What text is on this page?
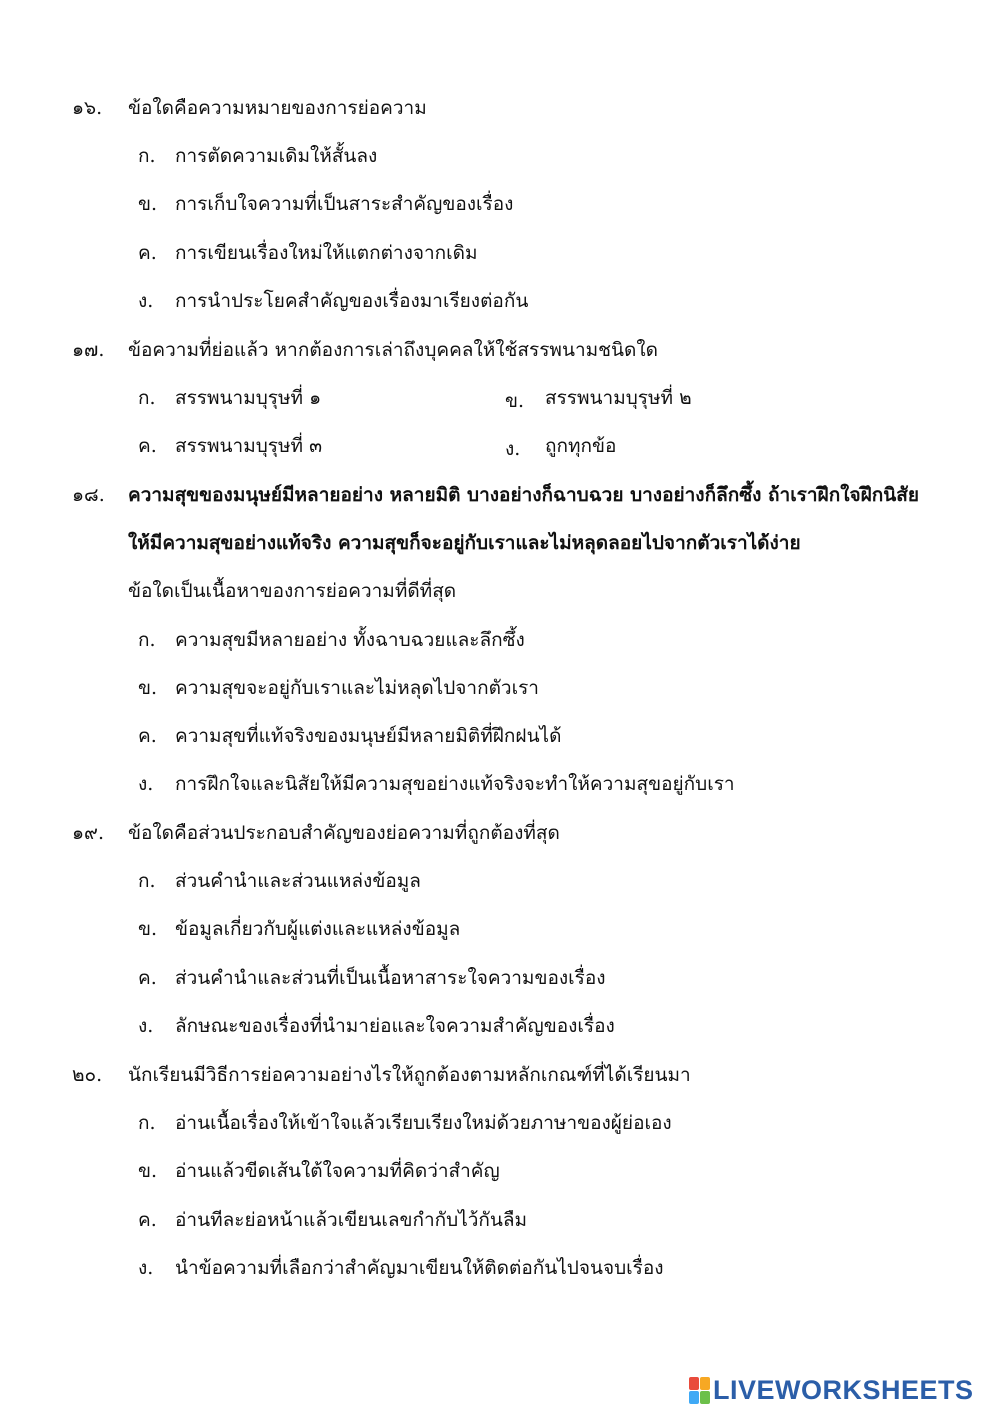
๑๖. ข้อใดคือความหมายของการย่อความ
ก. การตัดความเดิมให้สั้นลง
ข. การเก็บใจความที่เป็นสาระสำคัญของเรื่อง
ค. การเขียนเรื่องใหม่ให้แตกต่างจากเดิม
ง. การนำประโยคสำคัญของเรื่องมาเรียงต่อกัน
๑๗. ข้อความที่ย่อแล้ว หากต้องการเล่าถึงบุคคลให้ใช้สรรพนามชนิดใด
ก. สรรพนามบุรุษที่ ๑	ข. สรรพนามบุรุษที่ ๒
ค. สรรพนามบุรุษที่ ๓	ง. ถูกทุกข้อ
๑๘. ความสุขของมนุษย์มีหลายอย่าง หลายมิติ บางอย่างก็ฉาบฉวย บางอย่างก็ลึกซึ้ง ถ้าเราฝึกใจฝึกนิสัย
ให้มีความสุขอย่างแท้จริง ความสุขก็จะอยู่กับเราและไม่หลุดลอยไปจากตัวเราได้ง่าย
ข้อใดเป็นเนื้อหาของการย่อความที่ดีที่สุด
ก. ความสุขมีหลายอย่าง ทั้งฉาบฉวยและลึกซึ้ง
ข. ความสุขจะอยู่กับเราและไม่หลุดไปจากตัวเรา
ค. ความสุขที่แท้จริงของมนุษย์มีหลายมิติที่ฝึกฝนได้
ง. การฝึกใจและนิสัยให้มีความสุขอย่างแท้จริงจะทำให้ความสุขอยู่กับเรา
๑๙. ข้อใดคือส่วนประกอบสำคัญของย่อความที่ถูกต้องที่สุด
ก. ส่วนคำนำและส่วนแหล่งข้อมูล
ข. ข้อมูลเกี่ยวกับผู้แต่งและแหล่งข้อมูล
ค. ส่วนคำนำและส่วนที่เป็นเนื้อหาสาระใจความของเรื่อง
ง. ลักษณะของเรื่องที่นำมาย่อและใจความสำคัญของเรื่อง
๒๐. นักเรียนมีวิธีการย่อความอย่างไรให้ถูกต้องตามหลักเกณฑ์ที่ได้เรียนมา
ก. อ่านเนื้อเรื่องให้เข้าใจแล้วเรียบเรียงใหม่ด้วยภาษาของผู้ย่อเอง
ข. อ่านแล้วขีดเส้นใต้ใจความที่คิดว่าสำคัญ
ค. อ่านทีละย่อหน้าแล้วเขียนเลขกำกับไว้กันลืม
ง. นำข้อความที่เลือกว่าสำคัญมาเขียนให้ติดต่อกันไปจนจบเรื่อง
LIVEWORKSHEETS
